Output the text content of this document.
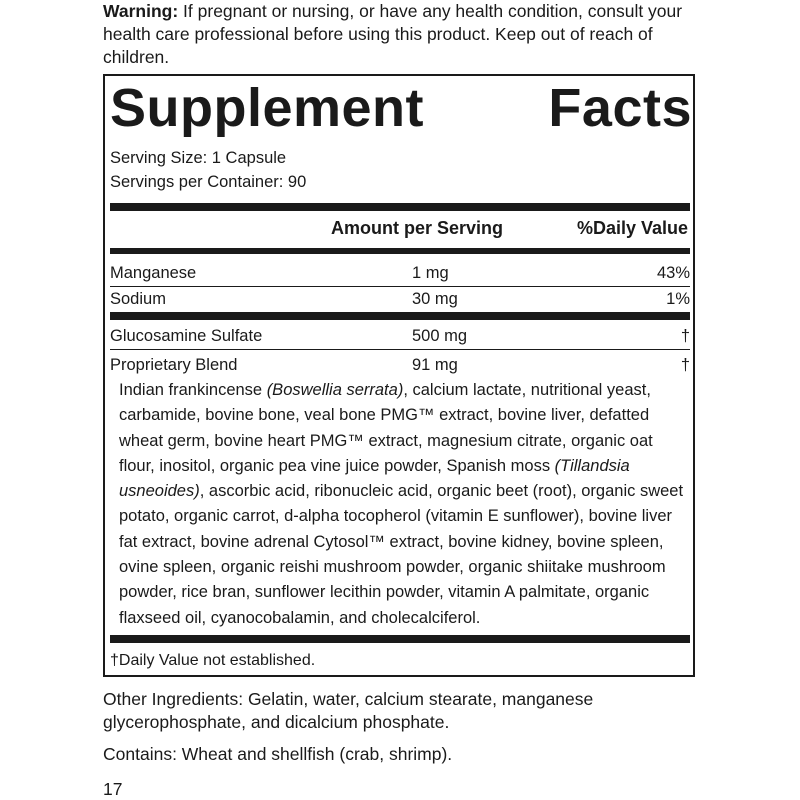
Warning: If pregnant or nursing, or have any health condition, consult your health care professional before using this product. Keep out of reach of children.
Supplement Facts
Serving Size: 1 Capsule
Servings per Container: 90
Amount per Serving	%Daily Value
Manganese	1 mg	43%
Sodium	30 mg	1%
Glucosamine Sulfate	500 mg	†
Proprietary Blend	91 mg	†
Indian frankincense (Boswellia serrata), calcium lactate, nutritional yeast, carbamide, bovine bone, veal bone PMG™ extract, bovine liver, defatted wheat germ, bovine heart PMG™ extract, magnesium citrate, organic oat flour, inositol, organic pea vine juice powder, Spanish moss (Tillandsia usneoides), ascorbic acid, ribonucleic acid, organic beet (root), organic sweet potato, organic carrot, d-alpha tocopherol (vitamin E sunflower), bovine liver fat extract, bovine adrenal Cytosol™ extract, bovine kidney, bovine spleen, ovine spleen, organic reishi mushroom powder, organic shiitake mushroom powder, rice bran, sunflower lecithin powder, vitamin A palmitate, organic flaxseed oil, cyanocobalamin, and cholecalciferol.
†Daily Value not established.
Other Ingredients: Gelatin, water, calcium stearate, manganese glycerophosphate, and dicalcium phosphate.
Contains: Wheat and shellfish (crab, shrimp).
17
